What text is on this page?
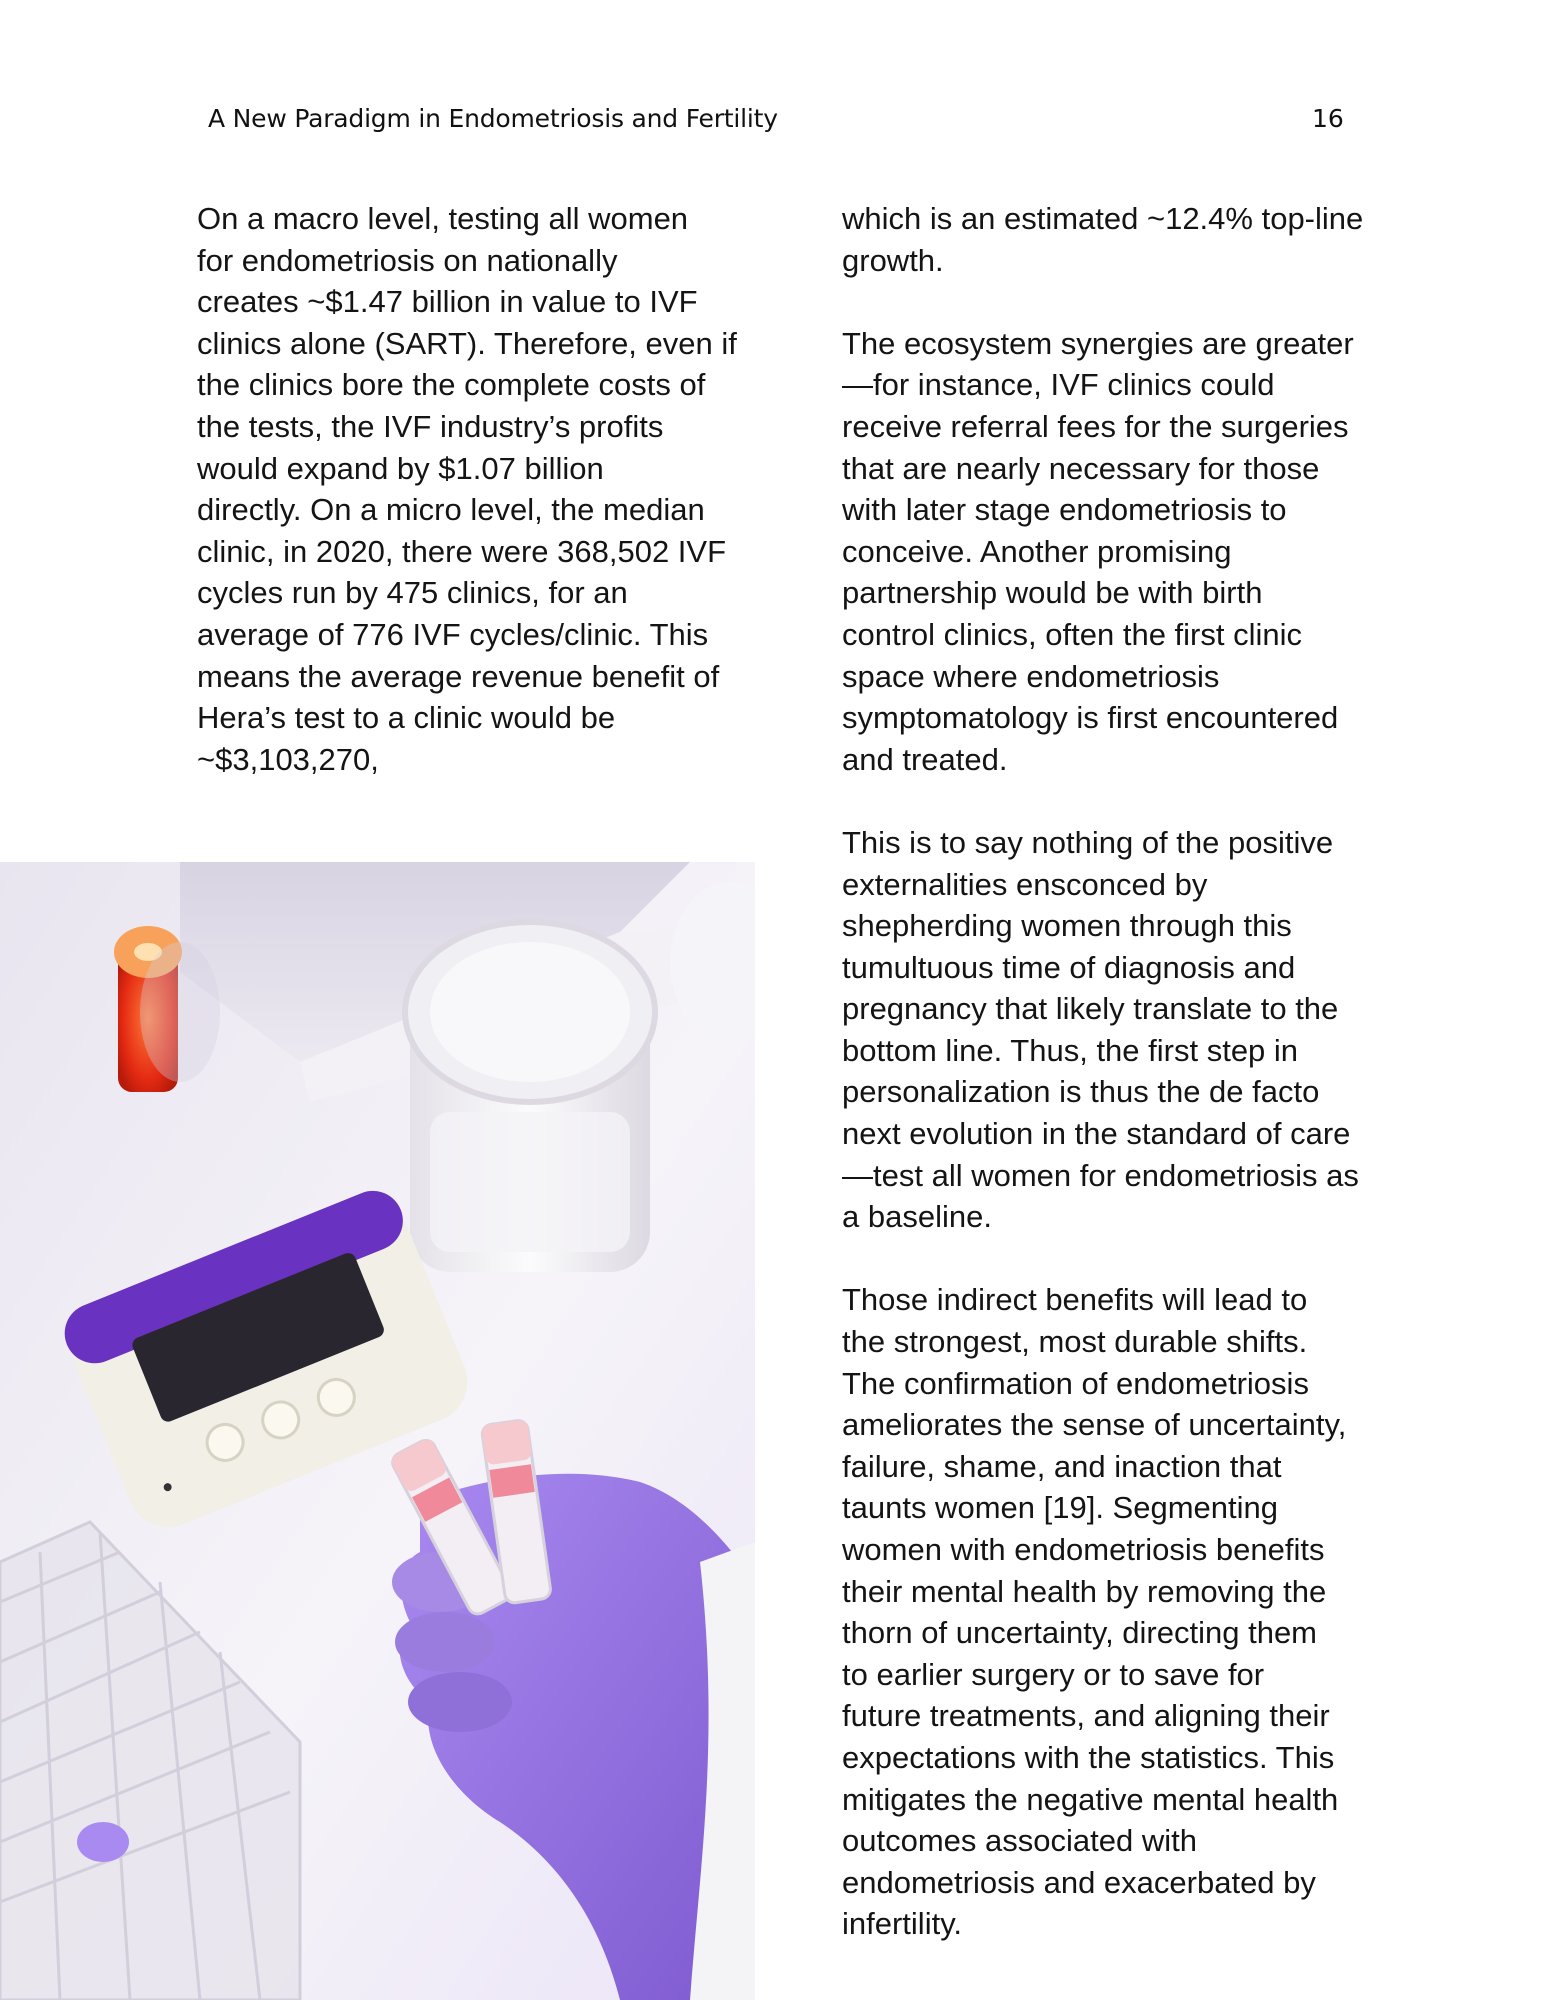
A New Paradigm in Endometriosis and Fertility	16

On a macro level, testing all women
for endometriosis on nationally
creates ~$1.47 billion in value to IVF
clinics alone (SART). Therefore, even if
the clinics bore the complete costs of
the tests, the IVF industry’s profits
would expand by $1.07 billion
directly. On a micro level, the median
clinic, in 2020, there were 368,502 IVF
cycles run by 475 clinics, for an
average of 776 IVF cycles/clinic. This
means the average revenue benefit of
Hera’s test to a clinic would be
~$3,103,270,

which is an estimated ~12.4% top-line
growth.

The ecosystem synergies are greater
—for instance, IVF clinics could
receive referral fees for the surgeries
that are nearly necessary for those
with later stage endometriosis to
conceive. Another promising
partnership would be with birth
control clinics, often the first clinic
space where endometriosis
symptomatology is first encountered
and treated.

This is to say nothing of the positive
externalities ensconced by
shepherding women through this
tumultuous time of diagnosis and
pregnancy that likely translate to the
bottom line. Thus, the first step in
personalization is thus the de facto
next evolution in the standard of care
—test all women for endometriosis as
a baseline.

Those indirect benefits will lead to
the strongest, most durable shifts.
The confirmation of endometriosis
ameliorates the sense of uncertainty,
failure, shame, and inaction that
taunts women [19]. Segmenting
women with endometriosis benefits
their mental health by removing the
thorn of uncertainty, directing them
to earlier surgery or to save for
future treatments, and aligning their
expectations with the statistics. This
mitigates the negative mental health
outcomes associated with
endometriosis and exacerbated by
infertility.
